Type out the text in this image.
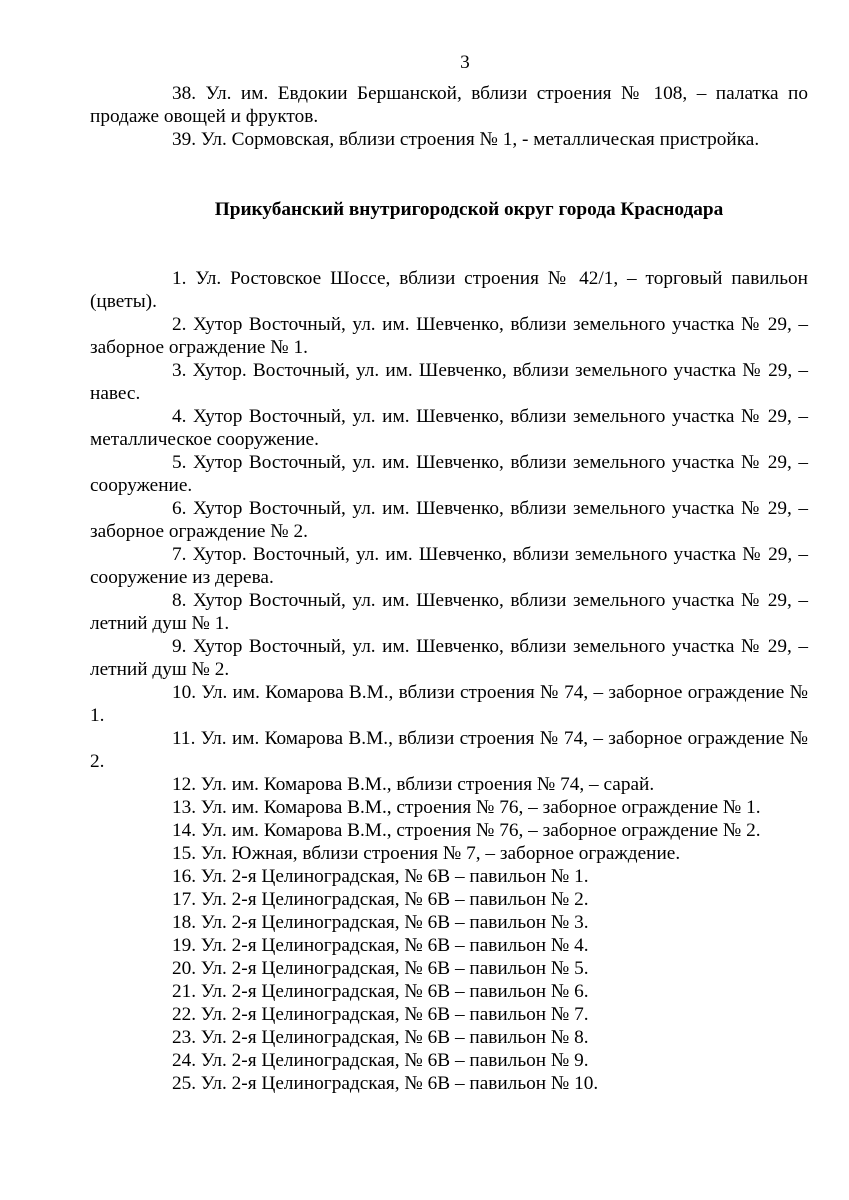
3

38. Ул. им. Евдокии Бершанской, вблизи строения № 108, – палатка по продаже овощей и фруктов.

39. Ул. Сормовская, вблизи строения № 1, - металлическая пристройка.

Прикубанский внутригородской округ города Краснодара

1. Ул. Ростовское Шоссе, вблизи строения № 42/1, – торговый павильон (цветы).

2. Хутор Восточный, ул. им. Шевченко, вблизи земельного участка № 29, – заборное ограждение № 1.

3. Хутор. Восточный, ул. им. Шевченко, вблизи земельного участка № 29, – навес.

4. Хутор Восточный, ул. им. Шевченко, вблизи земельного участка № 29, – металлическое сооружение.

5. Хутор Восточный, ул. им. Шевченко, вблизи земельного участка № 29, – сооружение.

6. Хутор Восточный, ул. им. Шевченко, вблизи земельного участка № 29, – заборное ограждение № 2.

7. Хутор. Восточный, ул. им. Шевченко, вблизи земельного участка № 29, – сооружение из дерева.

8. Хутор Восточный, ул. им. Шевченко, вблизи земельного участка № 29, – летний душ № 1.

9. Хутор Восточный, ул. им. Шевченко, вблизи земельного участка № 29, – летний душ № 2.

10. Ул. им. Комарова В.М., вблизи строения № 74, – заборное ограждение № 1.

11. Ул. им. Комарова В.М., вблизи строения № 74, – заборное ограждение № 2.

12. Ул. им. Комарова В.М., вблизи строения № 74, – сарай.

13. Ул. им. Комарова В.М., строения № 76, – заборное ограждение № 1.

14. Ул. им. Комарова В.М., строения № 76, – заборное ограждение № 2.

15. Ул. Южная, вблизи строения № 7, – заборное ограждение.

16. Ул. 2-я Целиноградская, № 6В – павильон № 1.

17. Ул. 2-я Целиноградская, № 6В – павильон № 2.

18. Ул. 2-я Целиноградская, № 6В – павильон № 3.

19. Ул. 2-я Целиноградская, № 6В – павильон № 4.

20. Ул. 2-я Целиноградская, № 6В – павильон № 5.

21. Ул. 2-я Целиноградская, № 6В – павильон № 6.

22. Ул. 2-я Целиноградская, № 6В – павильон № 7.

23. Ул. 2-я Целиноградская, № 6В – павильон № 8.

24. Ул. 2-я Целиноградская, № 6В – павильон № 9.

25. Ул. 2-я Целиноградская, № 6В – павильон № 10.
